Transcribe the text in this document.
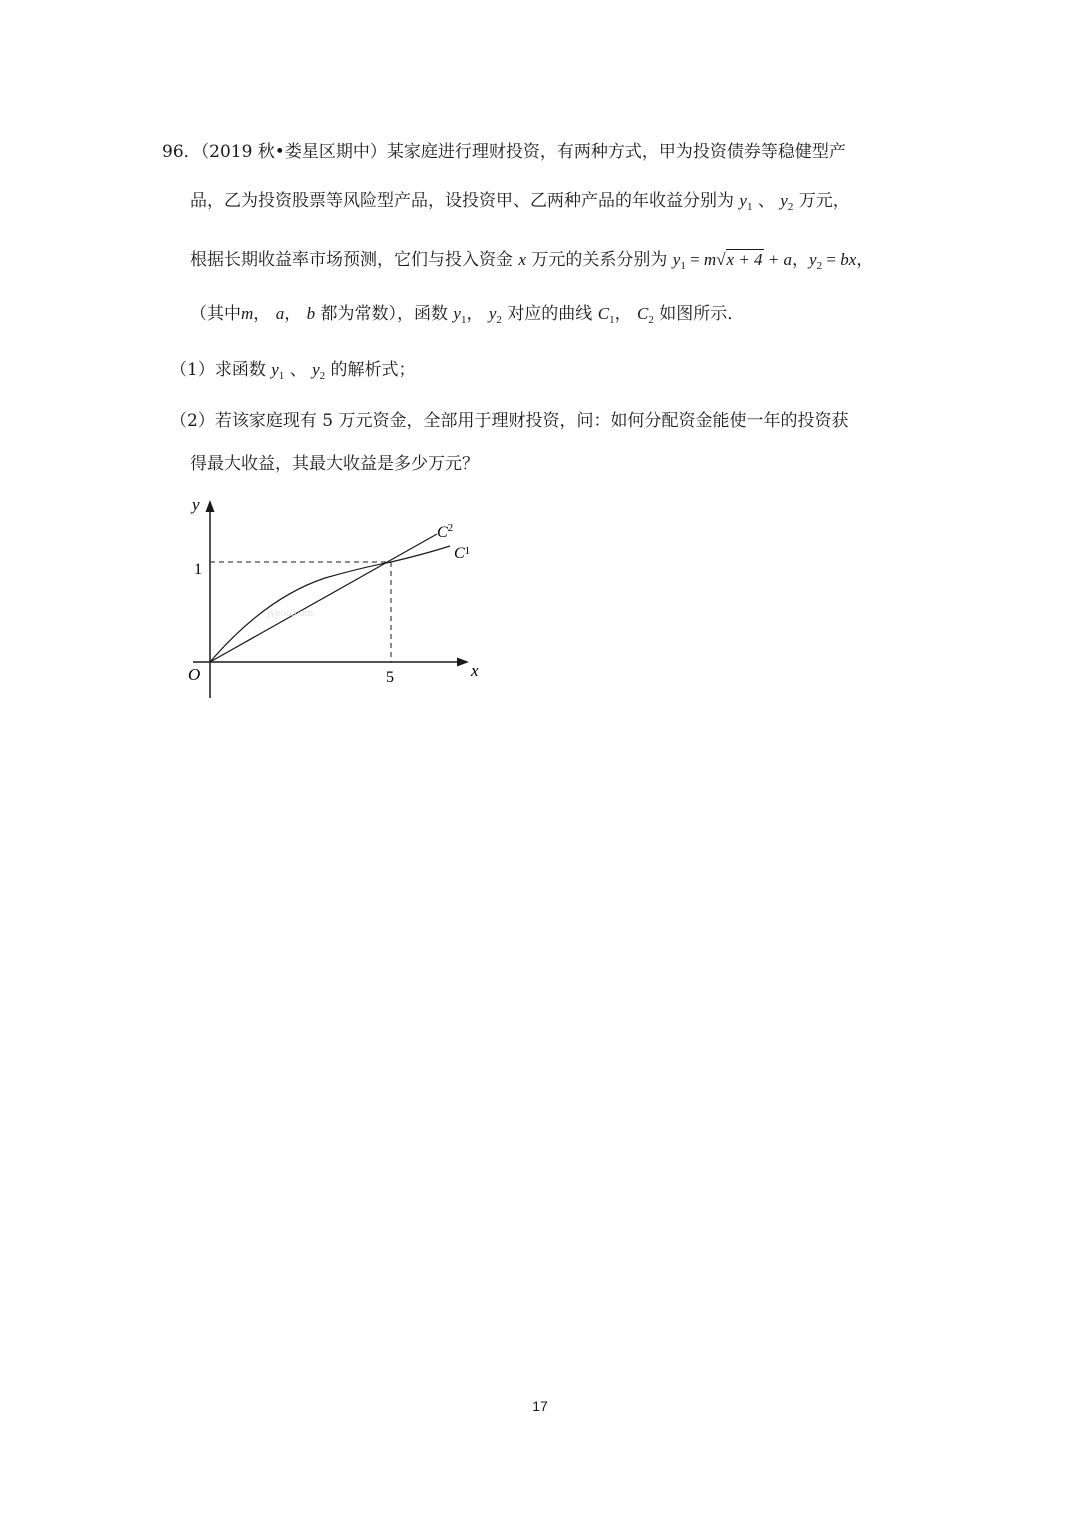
96．（2019 秋•娄星区期中）某家庭进行理财投资，有两种方式，甲为投资债券等稳健型产
品，乙为投资股票等风险型产品，设投资甲、乙两种产品的年收益分别为 $y_1$ 、 $y_2$ 万元，
根据长期收益率市场预测，它们与投入资金 x 万元的关系分别为 $y_1 = m√x + 4 + a$，$y_2$ = bx，
（其中m， a， b 都为常数），函数 $y_1$， $y_2$ 对应的曲线 $C_1$， $C_2$ 如图所示．
（1）求函数 $y_1$ 、 $y_2$ 的解析式；
（2）若该家庭现有 5 万元资金，全部用于理财投资，问：如何分配资金能使一年的投资获
得最大收益，其最大收益是多少万元？
jyeoo.com
y
x
O
1
5
$C^2$
$C^1$
17
